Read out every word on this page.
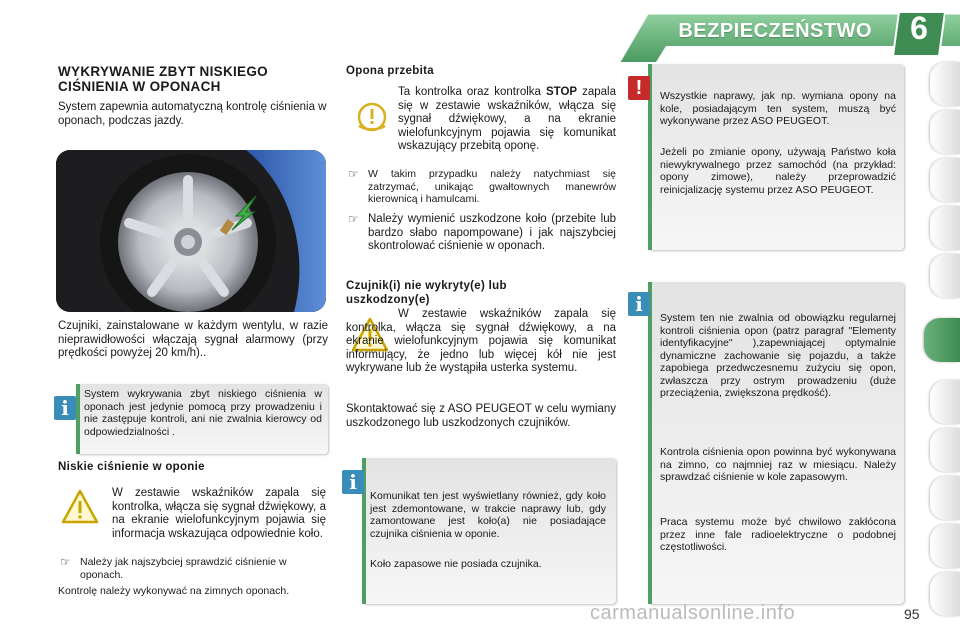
BEZPIECZEŃSTWO	6
WYKRYWANIE ZBYT NISKIEGO CIŚNIENIA W OPONACH
System zapewnia automatyczną kontrolę ciśnienia w oponach, podczas jazdy.
Czujniki, zainstalowane w każdym wentylu, w razie nieprawidłowości włączają sygnał alarmowy (przy prędkości powyżej 20 km/h)..
i
System wykrywania zbyt niskiego ciśnienia w oponach jest jedynie pomocą przy prowadzeniu i nie zastępuje kontroli, ani nie zwalnia kierowcy od odpowiedzialności .
Niskie ciśnienie w oponie
W zestawie wskaźników zapala się kontrolka, włącza się sygnał dźwiękowy, a na ekranie wielofunkcyjnym pojawia się informacja wskazująca odpowiednie koło.
☞ Należy jak najszybciej sprawdzić ciśnienie w oponach.
Kontrolę należy wykonywać na zimnych oponach.
Opona przebita
Ta kontrolka oraz kontrolka STOP zapala się w zestawie wskaźników, włącza się sygnał dźwiękowy, a na ekranie wielofunkcyjnym pojawia się komunikat wskazujący przebitą oponę.
☞ W takim przypadku należy natychmiast się zatrzymać, unikając gwałtownych manewrów kierownicą i hamulcami.
☞ Należy wymienić uszkodzone koło (przebite lub bardzo słabo napompowane) i jak najszybciej skontrolować ciśnienie w oponach.
Czujnik(i) nie wykryty(e) lub uszkodzony(e)
W zestawie wskaźników zapala się kontrolka, włącza się sygnał dźwiękowy, a na ekranie wielofunkcyjnym pojawia się komunikat informujący, że jedno lub więcej kół nie jest wykrywane lub że wystąpiła usterka systemu.
Skontaktować się z ASO PEUGEOT w celu wymiany uszkodzonego lub uszkodzonych czujników.
i
Komunikat ten jest wyświetlany również, gdy koło jest zdemontowane, w trakcie naprawy lub, gdy zamontowane jest koło(a) nie posiadające czujnika ciśnienia w oponie.
Koło zapasowe nie posiada czujnika.
!	Wszystkie naprawy, jak np. wymiana opony na kole, posiadającym ten system, muszą być wykonywane przez ASO PEUGEOT.
Jeżeli po zmianie opony, używają Państwo koła niewykrywalnego przez samochód (na przykład: opony zimowe), należy przeprowadzić reinicjalizację systemu przez ASO PEUGEOT.
i
System ten nie zwalnia od obowiązku regularnej kontroli ciśnienia opon (patrz paragraf "Elementy identyfikacyjne" ),zapewniającej optymalnie dynamiczne zachowanie się pojazdu, a także zapobiega przedwczesnemu zużyciu się opon, zwłaszcza przy ostrym prowadzeniu (duże przeciążenia, zwiększona prędkość).
Kontrola ciśnienia opon powinna być wykonywana na zimno, co najmniej raz w miesiącu. Należy sprawdzać ciśnienie w kole zapasowym.
Praca systemu może być chwilowo zakłócona przez inne fale radioelektryczne o podobnej częstotliwości.
carmanualsonline.info	95
